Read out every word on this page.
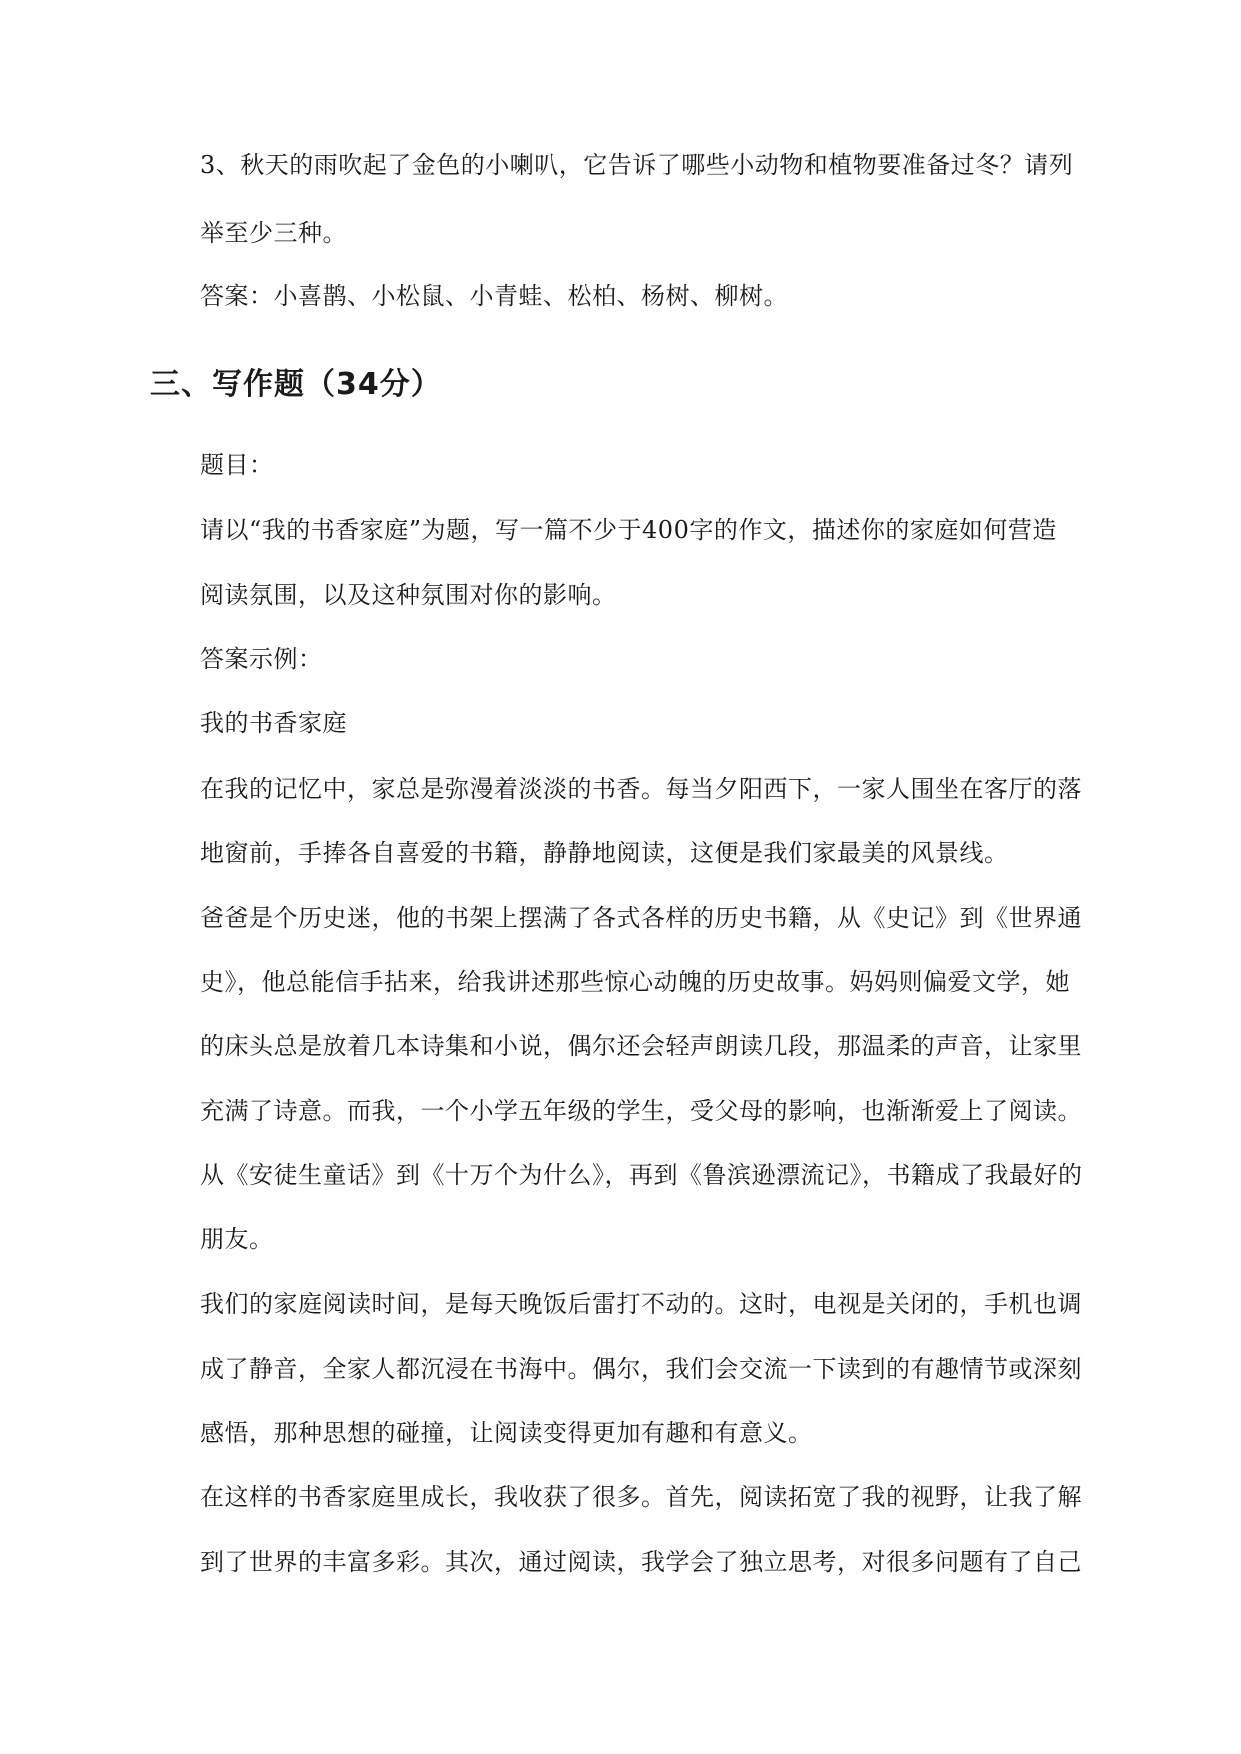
3、秋天的雨吹起了金色的小喇叭，它告诉了哪些小动物和植物要准备过冬？请列
举至少三种。
答案：小喜鹊、小松鼠、小青蛙、松柏、杨树、柳树。
三、写作题（34分）
题目：
请以“我的书香家庭”为题，写一篇不少于400字的作文，描述你的家庭如何营造
阅读氛围，以及这种氛围对你的影响。
答案示例：
我的书香家庭
在我的记忆中，家总是弥漫着淡淡的书香。每当夕阳西下，一家人围坐在客厅的落
地窗前，手捧各自喜爱的书籍，静静地阅读，这便是我们家最美的风景线。
爸爸是个历史迷，他的书架上摆满了各式各样的历史书籍，从《史记》到《世界通
史》，他总能信手拈来，给我讲述那些惊心动魄的历史故事。妈妈则偏爱文学，她
的床头总是放着几本诗集和小说，偶尔还会轻声朗读几段，那温柔的声音，让家里
充满了诗意。而我，一个小学五年级的学生，受父母的影响，也渐渐爱上了阅读。
从《安徒生童话》到《十万个为什么》，再到《鲁滨逊漂流记》，书籍成了我最好的
朋友。
我们的家庭阅读时间，是每天晚饭后雷打不动的。这时，电视是关闭的，手机也调
成了静音，全家人都沉浸在书海中。偶尔，我们会交流一下读到的有趣情节或深刻
感悟，那种思想的碰撞，让阅读变得更加有趣和有意义。
在这样的书香家庭里成长，我收获了很多。首先，阅读拓宽了我的视野，让我了解
到了世界的丰富多彩。其次，通过阅读，我学会了独立思考，对很多问题有了自己
